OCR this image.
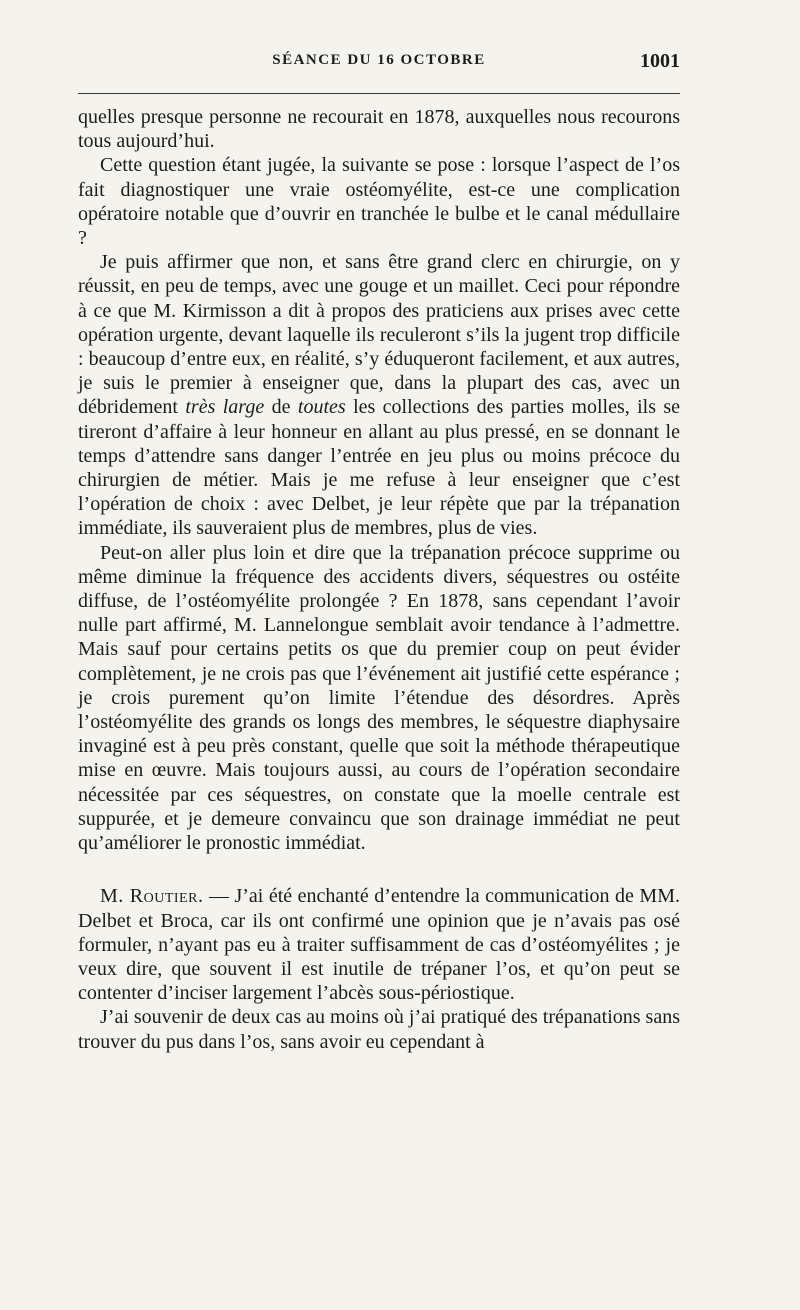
SÉANCE DU 16 OCTOBRE	1001

quelles presque personne ne recourait en 1878, auxquelles nous recourons tous aujourd’hui.

Cette question étant jugée, la suivante se pose : lorsque l’aspect de l’os fait diagnostiquer une vraie ostéomyélite, est-ce une complication opératoire notable que d’ouvrir en tranchée le bulbe et le canal médullaire ?

Je puis affirmer que non, et sans être grand clerc en chirurgie, on y réussit, en peu de temps, avec une gouge et un maillet. Ceci pour répondre à ce que M. Kirmisson a dit à propos des praticiens aux prises avec cette opération urgente, devant laquelle ils reculeront s’ils la jugent trop difficile : beaucoup d’entre eux, en réalité, s’y éduqueront facilement, et aux autres, je suis le premier à enseigner que, dans la plupart des cas, avec un débridement très large de toutes les collections des parties molles, ils se tireront d’affaire à leur honneur en allant au plus pressé, en se donnant le temps d’attendre sans danger l’entrée en jeu plus ou moins précoce du chirurgien de métier. Mais je me refuse à leur enseigner que c’est l’opération de choix : avec Delbet, je leur répète que par la trépanation immédiate, ils sauveraient plus de membres, plus de vies.

Peut-on aller plus loin et dire que la trépanation précoce supprime ou même diminue la fréquence des accidents divers, séquestres ou ostéite diffuse, de l’ostéomyélite prolongée ? En 1878, sans cependant l’avoir nulle part affirmé, M. Lannelongue semblait avoir tendance à l’admettre. Mais sauf pour certains petits os que du premier coup on peut évider complètement, je ne crois pas que l’événement ait justifié cette espérance ; je crois purement qu’on limite l’étendue des désordres. Après l’ostéomyélite des grands os longs des membres, le séquestre diaphysaire invaginé est à peu près constant, quelle que soit la méthode thérapeutique mise en œuvre. Mais toujours aussi, au cours de l’opération secondaire nécessitée par ces séquestres, on constate que la moelle centrale est suppurée, et je demeure convaincu que son drainage immédiat ne peut qu’améliorer le pronostic immédiat.

M. Routier. — J’ai été enchanté d’entendre la communication de MM. Delbet et Broca, car ils ont confirmé une opinion que je n’avais pas osé formuler, n’ayant pas eu à traiter suffisamment de cas d’ostéomyélites ; je veux dire, que souvent il est inutile de trépaner l’os, et qu’on peut se contenter d’inciser largement l’abcès sous-périostique.

J’ai souvenir de deux cas au moins où j’ai pratiqué des trépanations sans trouver du pus dans l’os, sans avoir eu cependant à
